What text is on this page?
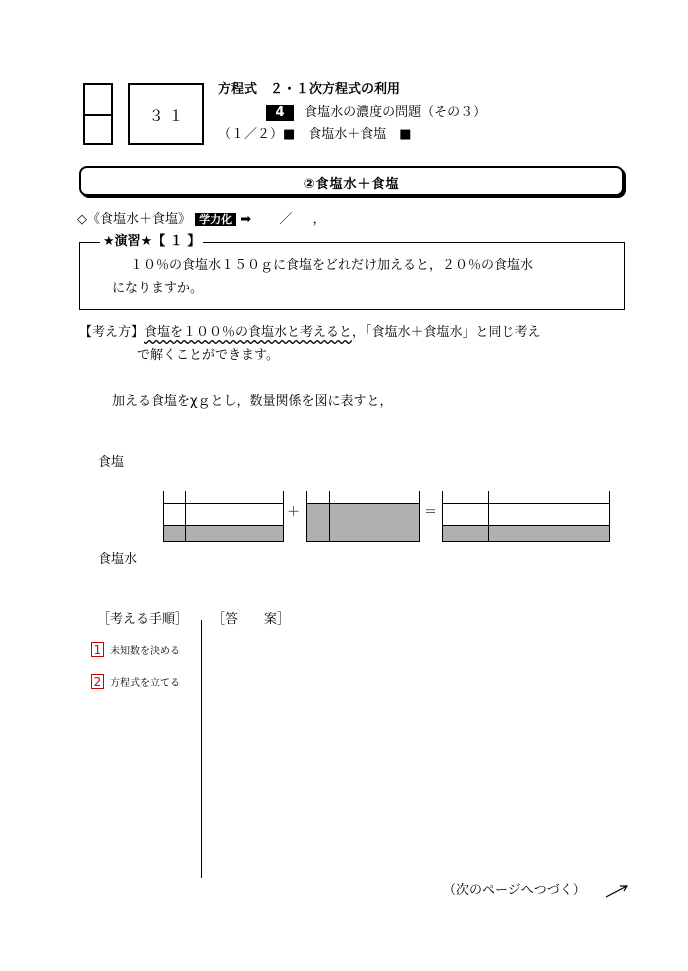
３ １
方程式　２・１次方程式の利用
4 食塩水の濃度の問題（その３）
（１／２）■　食塩水＋食塩　■
②食塩水＋食塩
◇《食塩水＋食塩》 学力化 ➡ ／ ，
★演習★【 １ 】
１０％の食塩水１５０ｇに食塩をどれだけ加えると，２０％の食塩水
になりますか。
【考え方】食塩を１００％の食塩水と考えると，「食塩水＋食塩水」と同じ考え
で解くことができます。
加える食塩をχｇとし，数量関係を図に表すと，
食塩
食塩水
＋	＝
［考える手順］ ［答　　案］
1 未知数を決める
2 方程式を立てる
（次のページへつづく）
